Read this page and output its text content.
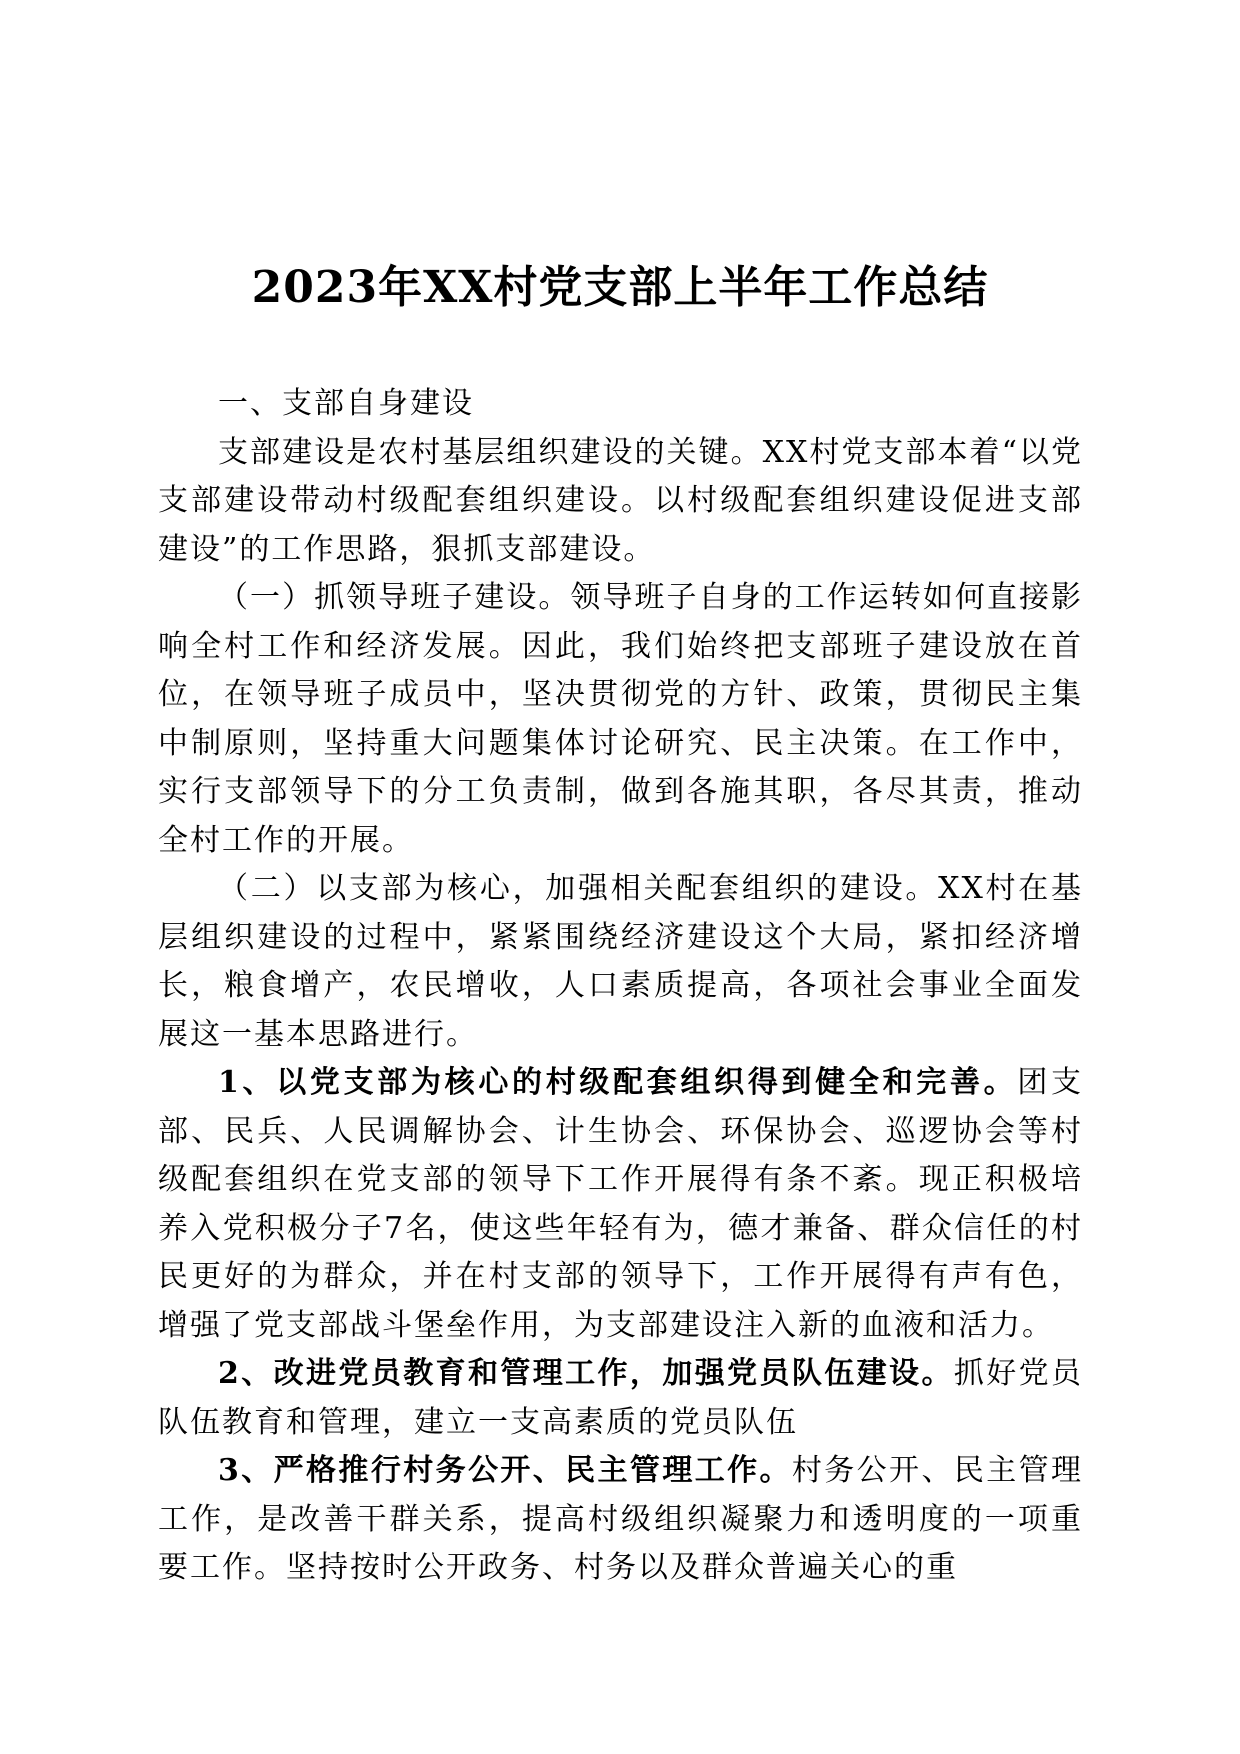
2023年XX村党支部上半年工作总结

一、支部自身建设

支部建设是农村基层组织建设的关键。XX村党支部本着“以党支部建设带动村级配套组织建设。以村级配套组织建设促进支部建设”的工作思路，狠抓支部建设。

（一）抓领导班子建设。领导班子自身的工作运转如何直接影响全村工作和经济发展。因此，我们始终把支部班子建设放在首位，在领导班子成员中，坚决贯彻党的方针、政策，贯彻民主集中制原则，坚持重大问题集体讨论研究、民主决策。在工作中，实行支部领导下的分工负责制，做到各施其职，各尽其责，推动全村工作的开展。

（二）以支部为核心，加强相关配套组织的建设。XX村在基层组织建设的过程中，紧紧围绕经济建设这个大局，紧扣经济增长，粮食增产，农民增收，人口素质提高，各项社会事业全面发展这一基本思路进行。

1、以党支部为核心的村级配套组织得到健全和完善。团支部、民兵、人民调解协会、计生协会、环保协会、巡逻协会等村级配套组织在党支部的领导下工作开展得有条不紊。现正积极培养入党积极分子7名，使这些年轻有为，德才兼备、群众信任的村民更好的为群众，并在村支部的领导下，工作开展得有声有色，增强了党支部战斗堡垒作用，为支部建设注入新的血液和活力。

2、改进党员教育和管理工作，加强党员队伍建设。抓好党员队伍教育和管理，建立一支高素质的党员队伍

3、严格推行村务公开、民主管理工作。村务公开、民主管理工作，是改善干群关系，提高村级组织凝聚力和透明度的一项重要工作。坚持按时公开政务、村务以及群众普遍关心的重
